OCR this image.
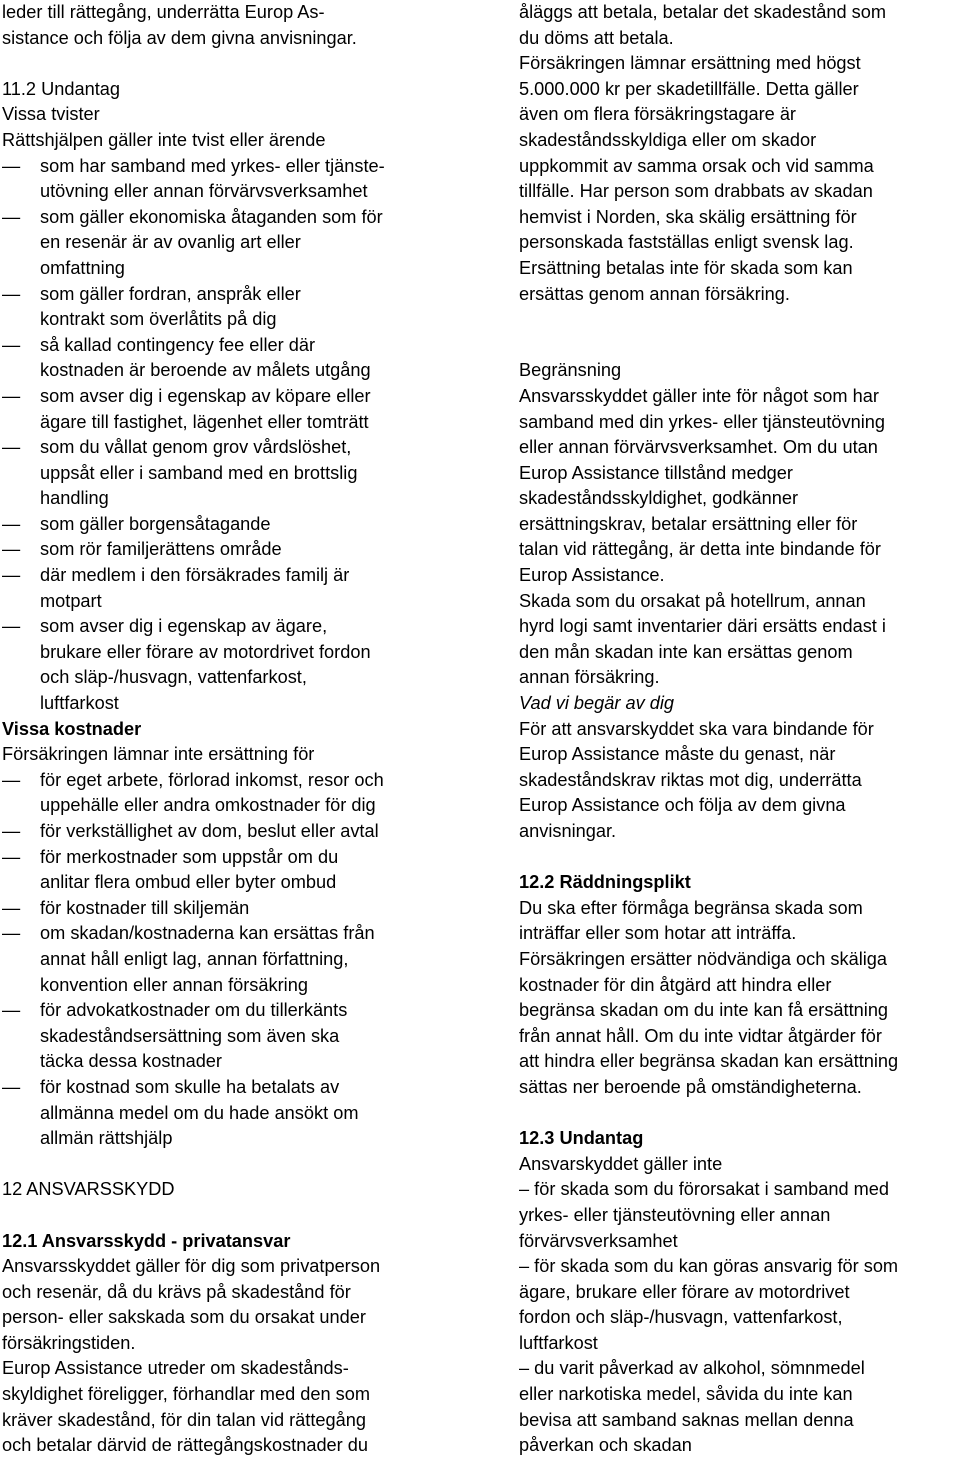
leder till rättegång, underrätta Europ As-

sistance och följa av dem givna anvisningar.

11.2 Undantag

Vissa tvister

Rättshjälpen gäller inte tvist eller ärende

— som har samband med yrkes- eller tjänste-

utövning eller annan förvärvsverksamhet

— som gäller ekonomiska åtaganden som för

en resenär är av ovanlig art eller

omfattning

— som gäller fordran, anspråk eller

kontrakt som överlåtits på dig

— så kallad contingency fee eller där

kostnaden är beroende av målets utgång

— som avser dig i egenskap av köpare eller

ägare till fastighet, lägenhet eller tomträtt

— som du vållat genom grov vårdslöshet,

uppsåt eller i samband med en brottslig

handling

— som gäller borgensåtagande

— som rör familjerättens område

— där medlem i den försäkrades familj är

motpart

— som avser dig i egenskap av ägare,

brukare eller förare av motordrivet fordon

och släp-/husvagn, vattenfarkost,

luftfarkost

Vissa kostnader

Försäkringen lämnar inte ersättning för

— för eget arbete, förlorad inkomst, resor och

uppehälle eller andra omkostnader för dig

— för verkställighet av dom, beslut eller avtal

— för merkostnader som uppstår om du

anlitar flera ombud eller byter ombud

— för kostnader till skiljemän

— om skadan/kostnaderna kan ersättas från

annat håll enligt lag, annan författning,

konvention eller annan försäkring

— för advokatkostnader om du tillerkänts

skadeståndsersättning som även ska

täcka dessa kostnader

— för kostnad som skulle ha betalats av

allmänna medel om du hade ansökt om

allmän rättshjälp

12 ANSVARSSKYDD

12.1 Ansvarsskydd - privatansvar

Ansvarsskyddet gäller för dig som privatperson

och resenär, då du krävs på skadestånd för

person- eller sakskada som du orsakat under

försäkringstiden.

Europ Assistance utreder om skadestånds-

skyldighet föreligger, förhandlar med den som

kräver skadestånd, för din talan vid rättegång

och betalar därvid de rättegångskostnader du

åläggs att betala, betalar det skadestånd som

du döms att betala.

Försäkringen lämnar ersättning med högst

5.000.000 kr per skadetillfälle. Detta gäller

även om flera försäkringstagare är

skadeståndsskyldiga eller om skador

uppkommit av samma orsak och vid samma

tillfälle. Har person som drabbats av skadan

hemvist i Norden, ska skälig ersättning för

personskada fastställas enligt svensk lag.

Ersättning betalas inte för skada som kan

ersättas genom annan försäkring.

Begränsning

Ansvarsskyddet gäller inte för något som har

samband med din yrkes- eller tjänsteutövning

eller annan förvärvsverksamhet. Om du utan

Europ Assistance tillstånd medger

skadeståndsskyldighet, godkänner

ersättningskrav, betalar ersättning eller för

talan vid rättegång, är detta inte bindande för

Europ Assistance.

Skada som du orsakat på hotellrum, annan

hyrd logi samt inventarier däri ersätts endast i

den mån skadan inte kan ersättas genom

annan försäkring.

Vad vi begär av dig

För att ansvarskyddet ska vara bindande för

Europ Assistance måste du genast, när

skadeståndskrav riktas mot dig, underrätta

Europ Assistance och följa av dem givna

anvisningar.

12.2 Räddningsplikt

Du ska efter förmåga begränsa skada som

inträffar eller som hotar att inträffa.

Försäkringen ersätter nödvändiga och skäliga

kostnader för din åtgärd att hindra eller

begränsa skadan om du inte kan få ersättning

från annat håll. Om du inte vidtar åtgärder för

att hindra eller begränsa skadan kan ersättning

sättas ner beroende på omständigheterna.

12.3 Undantag

Ansvarskyddet gäller inte

– för skada som du förorsakat i samband med

yrkes- eller tjänsteutövning eller annan

förvärvsverksamhet

– för skada som du kan göras ansvarig för som

ägare, brukare eller förare av motordrivet

fordon och släp-/husvagn, vattenfarkost,

luftfarkost

– du varit påverkad av alkohol, sömnmedel

eller narkotiska medel, såvida du inte kan

bevisa att samband saknas mellan denna

påverkan och skadan
